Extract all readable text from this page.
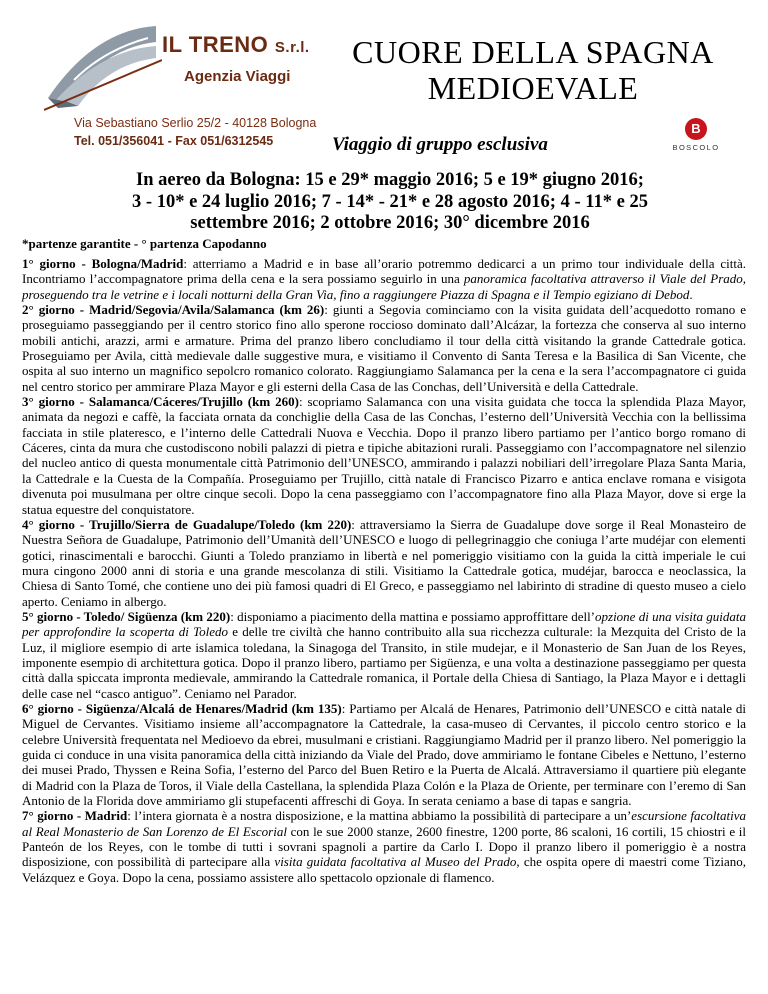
IL TRENO S.r.l.
Agenzia Viaggi
Via Sebastiano Serlio 25/2 - 40128 Bologna
Tel. 051/356041 - Fax 051/6312545
CUORE DELLA SPAGNA MEDIOEVALE
Viaggio di gruppo esclusiva
B
BOSCOLO
In aereo da Bologna: 15 e 29* maggio 2016; 5 e 19* giugno 2016; 3 - 10* e 24 luglio 2016; 7 - 14* - 21* e 28 agosto 2016; 4 - 11* e 25 settembre 2016; 2 ottobre 2016; 30° dicembre 2016
*partenze garantite - ° partenza Capodanno

1° giorno - Bologna/Madrid: atterriamo a Madrid e in base all’orario potremmo dedicarci a un primo tour individuale della città. Incontriamo l’accompagnatore prima della cena e la sera possiamo seguirlo in una panoramica facoltativa attraverso il Viale del Prado, proseguendo tra le vetrine e i locali notturni della Gran Via, fino a raggiungere Piazza di Spagna e il Tempio egiziano di Debod.

2° giorno - Madrid/Segovia/Avila/Salamanca (km 26): giunti a Segovia cominciamo con la visita guidata dell’acquedotto romano e proseguiamo passeggiando per il centro storico fino allo sperone roccioso dominato dall’Alcázar, la fortezza che conserva al suo interno mobili antichi, arazzi, armi e armature. Prima del pranzo libero concludiamo il tour della città visitando la grande Cattedrale gotica. Proseguiamo per Avila, città medievale dalle suggestive mura, e visitiamo il Convento di Santa Teresa e la Basilica di San Vicente, che ospita al suo interno un magnifico sepolcro romanico colorato. Raggiungiamo Salamanca per la cena e la sera l’accompagnatore ci guida nel centro storico per ammirare Plaza Mayor e gli esterni della Casa de las Conchas, dell’Università e della Cattedrale.

3° giorno - Salamanca/Cáceres/Trujillo (km 260): scopriamo Salamanca con una visita guidata che tocca la splendida Plaza Mayor, animata da negozi e caffè, la facciata ornata da conchiglie della Casa de las Conchas, l’esterno dell’Università Vecchia con la bellissima facciata in stile plateresco, e l’interno delle Cattedrali Nuova e Vecchia. Dopo il pranzo libero partiamo per l’antico borgo romano di Cáceres, cinta da mura che custodiscono nobili palazzi di pietra e tipiche abitazioni rurali. Passeggiamo con l’accompagnatore nel silenzio del nucleo antico di questa monumentale città Patrimonio dell’UNESCO, ammirando i palazzi nobiliari dell’irregolare Plaza Santa Maria, la Cattedrale e la Cuesta de la Compañía. Proseguiamo per Trujillo, città natale di Francisco Pizarro e antica enclave romana e visigota divenuta poi musulmana per oltre cinque secoli. Dopo la cena passeggiamo con l’accompagnatore fino alla Plaza Mayor, dove si erge la statua equestre del conquistatore.

4° giorno - Trujillo/Sierra de Guadalupe/Toledo (km 220): attraversiamo la Sierra de Guadalupe dove sorge il Real Monasteiro de Nuestra Señora de Guadalupe, Patrimonio dell’Umanità dell’UNESCO e luogo di pellegrinaggio che coniuga l’arte mudéjar con elementi gotici, rinascimentali e barocchi. Giunti a Toledo pranziamo in libertà e nel pomeriggio visitiamo con la guida la città imperiale le cui mura cingono 2000 anni di storia e una grande mescolanza di stili. Visitiamo la Cattedrale gotica, mudéjar, barocca e neoclassica, la Chiesa di Santo Tomé, che contiene uno dei più famosi quadri di El Greco, e passeggiamo nel labirinto di stradine di questo museo a cielo aperto. Ceniamo in albergo.

5° giorno - Toledo/ Sigüenza (km 220): disponiamo a piacimento della mattina e possiamo approffittare dell’opzione di una visita guidata per approfondire la scoperta di Toledo e delle tre civiltà che hanno contribuito alla sua ricchezza culturale: la Mezquita del Cristo de la Luz, il migliore esempio di arte islamica toledana, la Sinagoga del Transito, in stile mudejar, e il Monasterio de San Juan de los Reyes, imponente esempio di architettura gotica. Dopo il pranzo libero, partiamo per Sigüenza, e una volta a destinazione passeggiamo per questa città dalla spiccata impronta medievale, ammirando la Cattedrale romanica, il Portale della Chiesa di Santiago, la Plaza Mayor e i dettagli delle case nel “casco antiguo”. Ceniamo nel Parador.

6° giorno - Sigüenza/Alcalá de Henares/Madrid (km 135): Partiamo per Alcalá de Henares, Patrimonio dell’UNESCO e città natale di Miguel de Cervantes. Visitiamo insieme all’accompagnatore la Cattedrale, la casa-museo di Cervantes, il piccolo centro storico e la celebre Università frequentata nel Medioevo da ebrei, musulmani e cristiani. Raggiungiamo Madrid per il pranzo libero. Nel pomeriggio la guida ci conduce in una visita panoramica della città iniziando da Viale del Prado, dove ammiriamo le fontane Cibeles e Nettuno, l’esterno dei musei Prado, Thyssen e Reina Sofia, l’esterno del Parco del Buen Retiro e la Puerta de Alcalá. Attraversiamo il quartiere più elegante di Madrid con la Plaza de Toros, il Viale della Castellana, la splendida Plaza Colón e la Plaza de Oriente, per terminare con l’eremo di San Antonio de la Florida dove ammiriamo gli stupefacenti affreschi di Goya. In serata ceniamo a base di tapas e sangria.

7° giorno - Madrid: l’intera giornata è a nostra disposizione, e la mattina abbiamo la possibilità di partecipare a un’escursione facoltativa al Real Monasterio de San Lorenzo de El Escorial con le sue 2000 stanze, 2600 finestre, 1200 porte, 86 scaloni, 16 cortili, 15 chiostri e il Panteón de los Reyes, con le tombe di tutti i sovrani spagnoli a partire da Carlo I. Dopo il pranzo libero il pomeriggio è a nostra disposizione, con possibilità di partecipare alla visita guidata facoltativa al Museo del Prado, che ospita opere di maestri come Tiziano, Velázquez e Goya. Dopo la cena, possiamo assistere allo spettacolo opzionale di flamenco.
